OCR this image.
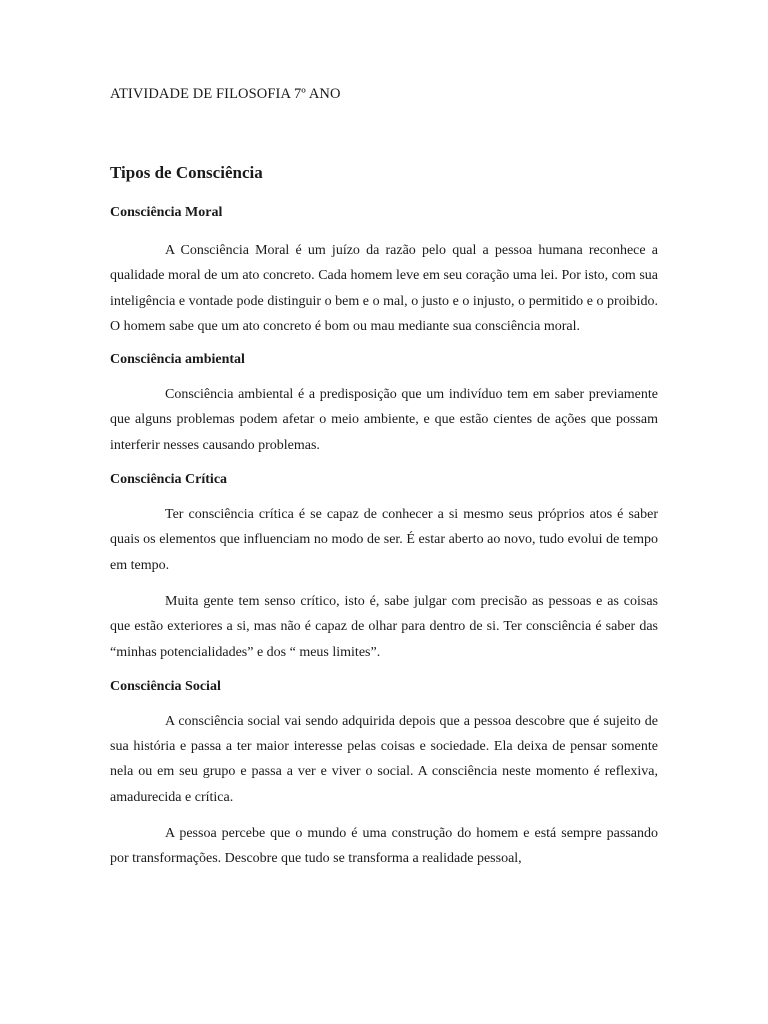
ATIVIDADE DE FILOSOFIA 7º ANO

Tipos de Consciência
Consciência Moral

A Consciência Moral é um juízo da razão pelo qual a pessoa humana reconhece a qualidade moral de um ato concreto. Cada homem leve em seu coração uma lei. Por isto, com sua inteligência e vontade pode distinguir o bem e o mal, o justo e o injusto, o permitido e o proibido. O homem sabe que um ato concreto é bom ou mau mediante sua consciência moral.

Consciência ambiental

Consciência ambiental é a predisposição que um indivíduo tem em saber previamente que alguns problemas podem afetar o meio ambiente, e que estão cientes de ações que possam interferir nesses causando problemas.

Consciência Crítica

Ter consciência crítica é se capaz de conhecer a si mesmo seus próprios atos é saber quais os elementos que influenciam no modo de ser. É estar aberto ao novo, tudo evolui de tempo em tempo.

Muita gente tem senso crítico, isto é, sabe julgar com precisão as pessoas e as coisas que estão exteriores a si, mas não é capaz de olhar para dentro de si. Ter consciência é saber das “minhas potencialidades” e dos “ meus limites”.

Consciência Social

A consciência social vai sendo adquirida depois que a pessoa descobre que é sujeito de sua história e passa a ter maior interesse pelas coisas e sociedade. Ela deixa de pensar somente nela ou em seu grupo e passa a ver e viver o social. A consciência neste momento é reflexiva, amadurecida e crítica.

A pessoa percebe que o mundo é uma construção do homem e está sempre passando por transformações. Descobre que tudo se transforma a realidade pessoal,
